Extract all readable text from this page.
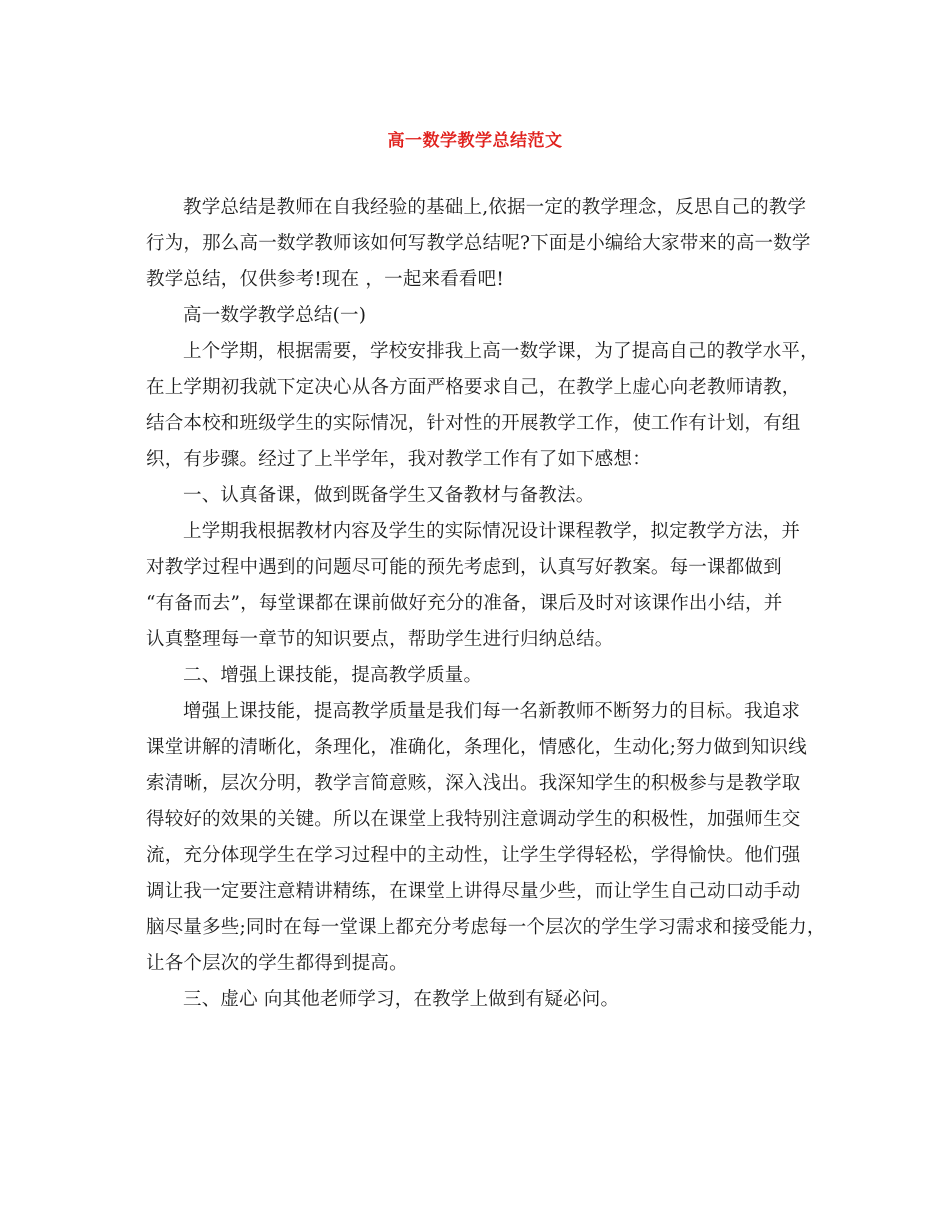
高一数学教学总结范文
教学总结是教师在自我经验的基础上,依据一定的教学理念，反思自己的教学
行为，那么高一数学教师该如何写教学总结呢?下面是小编给大家带来的高一数学
教学总结，仅供参考!现在 ，一起来看看吧!
高一数学教学总结(一)
上个学期，根据需要，学校安排我上高一数学课，为了提高自己的教学水平，
在上学期初我就下定决心从各方面严格要求自己，在教学上虚心向老教师请教，
结合本校和班级学生的实际情况，针对性的开展教学工作，使工作有计划，有组
织，有步骤。经过了上半学年，我对教学工作有了如下感想：
一、认真备课，做到既备学生又备教材与备教法。
上学期我根据教材内容及学生的实际情况设计课程教学，拟定教学方法，并
对教学过程中遇到的问题尽可能的预先考虑到，认真写好教案。每一课都做到
“有备而去”，每堂课都在课前做好充分的准备，课后及时对该课作出小结，并
认真整理每一章节的知识要点，帮助学生进行归纳总结。
二、增强上课技能，提高教学质量。
增强上课技能，提高教学质量是我们每一名新教师不断努力的目标。我追求
课堂讲解的清晰化，条理化，准确化，条理化，情感化，生动化;努力做到知识线
索清晰，层次分明，教学言简意赅，深入浅出。我深知学生的积极参与是教学取
得较好的效果的关键。所以在课堂上我特别注意调动学生的积极性，加强师生交
流，充分体现学生在学习过程中的主动性，让学生学得轻松，学得愉快。他们强
调让我一定要注意精讲精练，在课堂上讲得尽量少些，而让学生自己动口动手动
脑尽量多些;同时在每一堂课上都充分考虑每一个层次的学生学习需求和接受能力，
让各个层次的学生都得到提高。
三、虚心 向其他老师学习，在教学上做到有疑必问。
